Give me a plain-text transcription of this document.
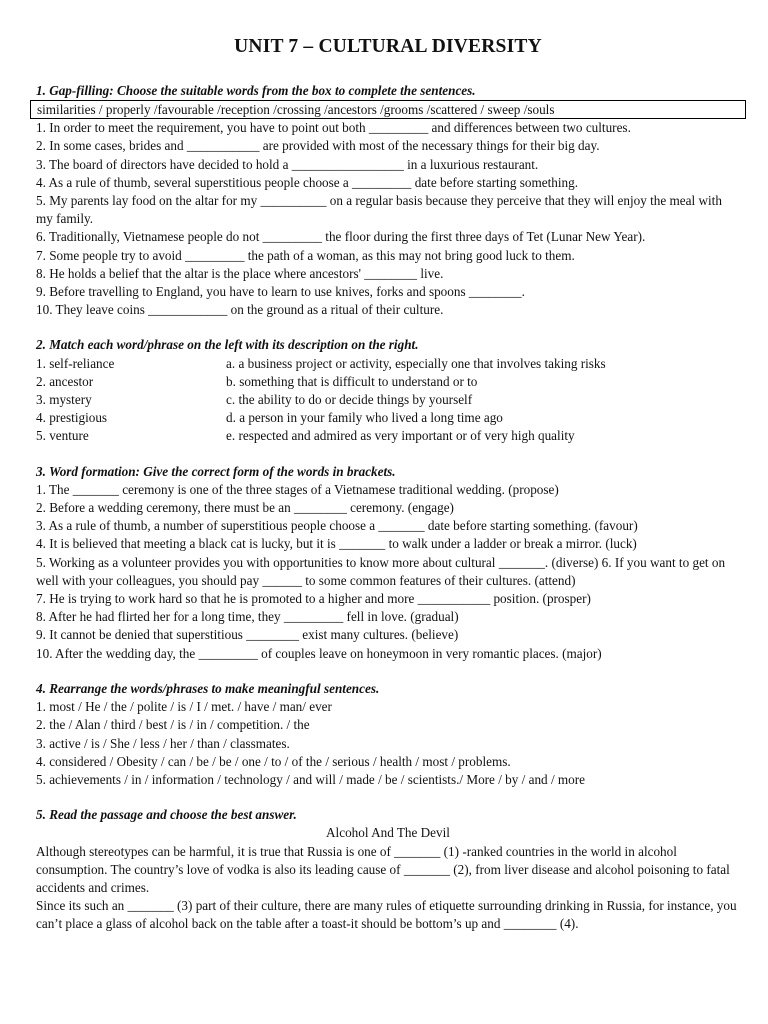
UNIT 7 – CULTURAL DIVERSITY

1. Gap-filling: Choose the suitable words from the box to complete the sentences.

similarities / properly /favourable /reception /crossing /ancestors /grooms /scattered / sweep /souls

1. In order to meet the requirement, you have to point out both _________ and differences between two cultures.

2. In some cases, brides and ___________ are provided with most of the necessary things for their big day.

3. The board of directors have decided to hold a _________________ in a luxurious restaurant.

4. As a rule of thumb, several superstitious people choose a _________ date before starting something.

5. My parents lay food on the altar for my __________ on a regular basis because they perceive that they will enjoy the meal with my family.

6. Traditionally, Vietnamese people do not _________ the floor during the first three days of Tet (Lunar New Year).

7. Some people try to avoid _________ the path of a woman, as this may not bring good luck to them.

8. He holds a belief that the altar is the place where ancestors' ________ live.

9. Before travelling to England, you have to learn to use knives, forks and spoons ________.

10. They leave coins ____________ on the ground as a ritual of their culture.

2. Match each word/phrase on the left with its description on the right.

1. self-reliance	a. a business project or activity, especially one that involves taking risks
2. ancestor	b. something that is difficult to understand or to
3. mystery	c. the ability to do or decide things by yourself
4. prestigious	d. a person in your family who lived a long time ago
5. venture	e. respected and admired as very important or of very high quality

3. Word formation: Give the correct form of the words in brackets.

1. The _______ ceremony is one of the three stages of a Vietnamese traditional wedding. (propose)

2. Before a wedding ceremony, there must be an ________ ceremony. (engage)

3. As a rule of thumb, a number of superstitious people choose a _______ date before starting something. (favour)

4. It is believed that meeting a black cat is lucky, but it is _______ to walk under a ladder or break a mirror. (luck)

5. Working as a volunteer provides you with opportunities to know more about cultural _______. (diverse) 6. If you want to get on well with your colleagues, you should pay ______ to some common features of their cultures. (attend)

7. He is trying to work hard so that he is promoted to a higher and more ___________ position. (prosper)

8. After he had flirted her for a long time, they _________ fell in love. (gradual)

9. It cannot be denied that superstitious ________ exist many cultures. (believe)

10. After the wedding day, the _________ of couples leave on honeymoon in very romantic places. (major)

4. Rearrange the words/phrases to make meaningful sentences.

1. most / He / the / polite / is / I / met. / have / man/ ever

2. the / Alan / third / best / is / in / competition. / the

3. active / is / She / less / her / than / classmates.

4. considered / Obesity / can / be / be / one / to / of the / serious / health / most / problems.

5. achievements / in / information / technology / and will / made / be / scientists./ More / by / and / more

5. Read the passage and choose the best answer.

Alcohol And The Devil

Although stereotypes can be harmful, it is true that Russia is one of _______ (1) -ranked countries in the world in alcohol consumption. The country’s love of vodka is also its leading cause of _______ (2), from liver disease and alcohol poisoning to fatal accidents and crimes.

Since its such an _______ (3) part of their culture, there are many rules of etiquette surrounding drinking in Russia, for instance, you can’t place a glass of alcohol back on the table after a toast-it should be bottom’s up and ________ (4).
